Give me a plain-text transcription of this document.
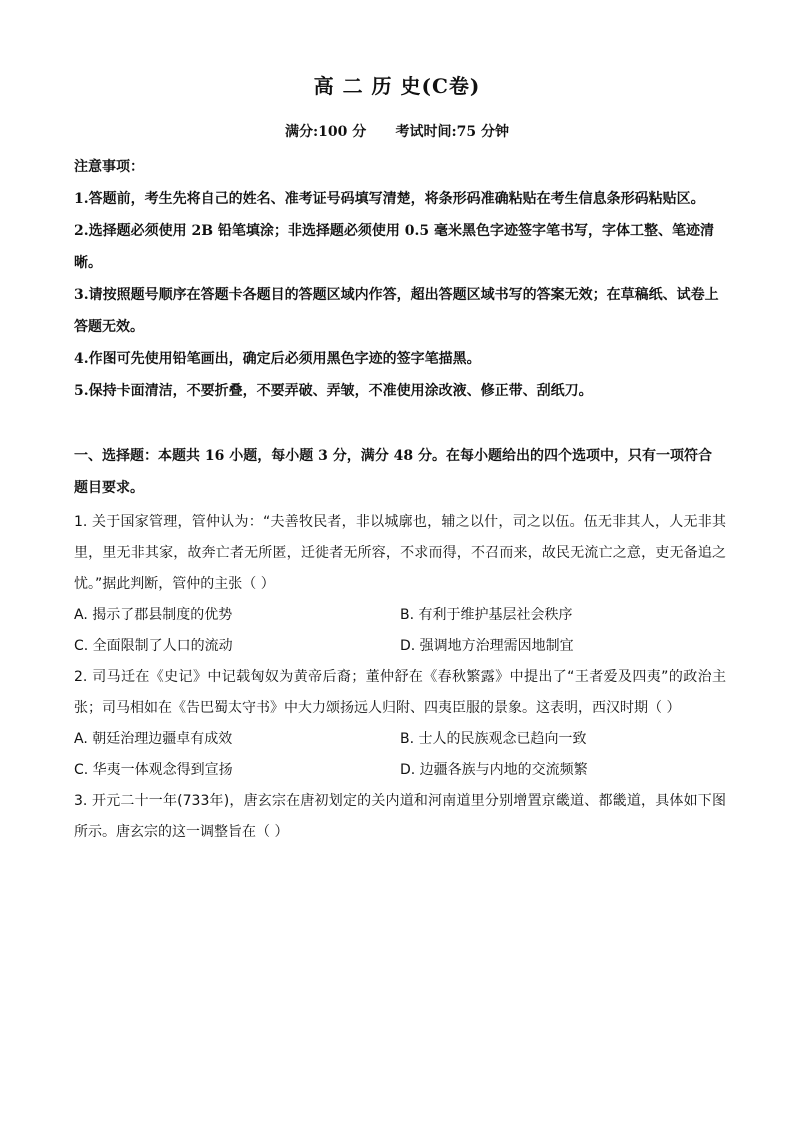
高 二 历 史(C卷)
满分:100 分      考试时间:75 分钟
注意事项：

1.答题前，考生先将自己的姓名、准考证号码填写清楚，将条形码准确粘贴在考生信息条形码粘贴区。

2.选择题必须使用 2B 铅笔填涂；非选择题必须使用 0.5 毫米黑色字迹签字笔书写，字体工整、笔迹清晰。

3.请按照题号顺序在答题卡各题目的答题区域内作答，超出答题区域书写的答案无效；在草稿纸、试卷上答题无效。

4.作图可先使用铅笔画出，确定后必须用黑色字迹的签字笔描黑。

5.保持卡面清洁，不要折叠，不要弄破、弄皱，不准使用涂改液、修正带、刮纸刀。

一、选择题：本题共 16 小题，每小题 3 分，满分 48 分。在每小题给出的四个选项中，只有一项符合题目要求。

1. 关于国家管理，管仲认为：“夫善牧民者，非以城廓也，辅之以什，司之以伍。伍无非其人，人无非其里，里无非其家，故奔亡者无所匿，迁徙者无所容，不求而得，不召而来，故民无流亡之意，吏无备追之忧。”据此判断，管仲的主张（ ）

A. 揭示了郡县制度的优势	B. 有利于维护基层社会秩序
C. 全面限制了人口的流动	D. 强调地方治理需因地制宜

2. 司马迁在《史记》中记载匈奴为黄帝后裔；董仲舒在《春秋繁露》中提出了“王者爱及四夷”的政治主张；司马相如在《告巴蜀太守书》中大力颂扬远人归附、四夷臣服的景象。这表明，西汉时期（ ）

A. 朝廷治理边疆卓有成效	B. 士人的民族观念已趋向一致
C. 华夷一体观念得到宣扬	D. 边疆各族与内地的交流频繁

3. 开元二十一年(733年)，唐玄宗在唐初划定的关内道和河南道里分别增置京畿道、都畿道，具体如下图所示。唐玄宗的这一调整旨在（ ）
